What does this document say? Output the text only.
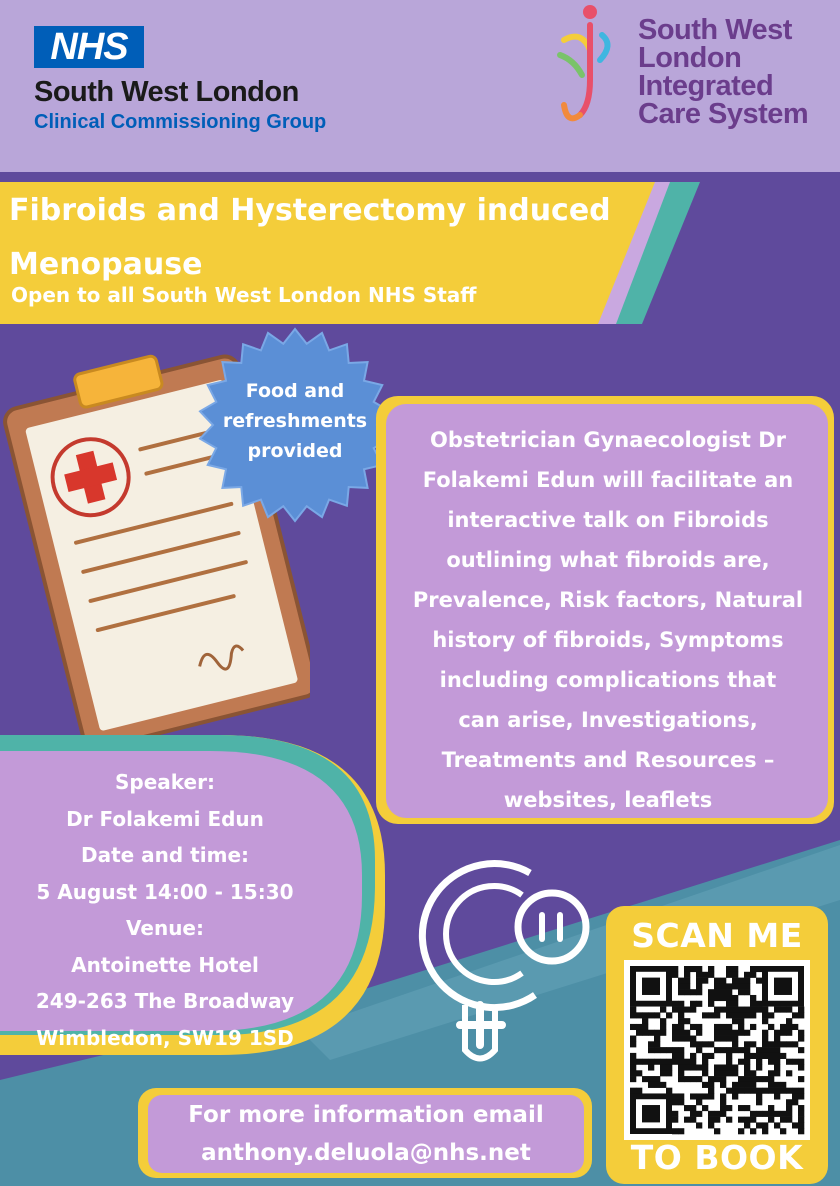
NHS
South West London
Clinical Commissioning Group
South West
London
Integrated
Care System
Fibroids and Hysterectomy induced
Menopause
Open to all South West London NHS Staff
Food and
refreshments
provided	Obstetrician Gynaecologist Dr
Folakemi Edun will facilitate an
interactive talk on Fibroids
outlining what fibroids are,
Prevalence, Risk factors, Natural
history of fibroids, Symptoms
including complications that
can arise, Investigations,
Treatments and Resources –
websites, leaflets
Speaker:
Dr Folakemi Edun
Date and time:
5 August 14:00 - 15:30
Venue:
Antoinette Hotel
249-263 The Broadway
Wimbledon, SW19 1SD
For more information email
anthony.deluola@nhs.net
SCAN ME
TO BOOK
